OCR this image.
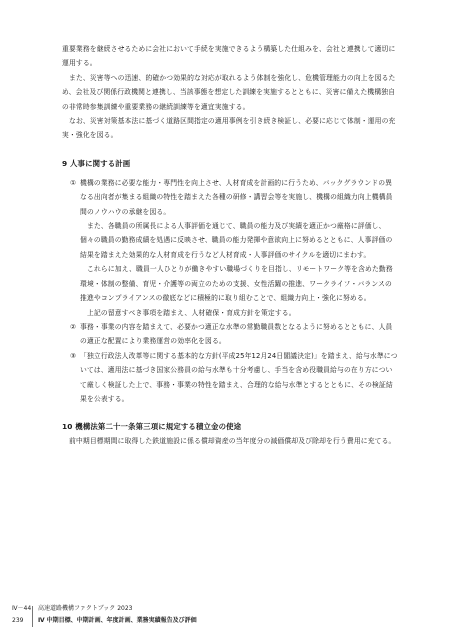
重要業務を継続させるために会社において手続を実施できるよう構築した仕組みを、会社と連携して適切に運用する。

また、災害等への迅速、的確かつ効果的な対応が取れるよう体制を強化し、危機管理能力の向上を図るため、会社及び関係行政機関と連携し、当該事態を想定した訓練を実施するとともに、災害に備えた機構独自の非常時参集訓練や重要業務の継続訓練等を適宜実施する。

なお、災害対策基本法に基づく道路区間指定の適用事例を引き続き検証し、必要に応じて体制・運用の充実・強化を図る。

9 人事に関する計画

① 機構の業務に必要な能力・専門性を向上させ、人材育成を計画的に行うため、バックグラウンドの異なる出向者が集まる組織の特性を踏まえた各種の研修・講習会等を実施し、機構の組織力向上機構員間のノウハウの承継を図る。

また、各職員の所属長による人事評価を通じて、職員の能力及び実績を適正かつ厳格に評価し、個々の職員の勤務成績を処遇に反映させ、職員の能力発揮や意欲向上に努めるとともに、人事評価の結果を踏まえた効果的な人材育成を行うなど人材育成・人事評価のサイクルを適切にまわす。

これらに加え、職員一人ひとりが働きやすい職場づくりを目指し、リモートワーク等を含めた勤務環境・体制の整備、育児・介護等の両立のための支援、女性活躍の推進、ワークライフ・バランスの推進やコンプライアンスの徹底などに積極的に取り組むことで、組織力向上・強化に努める。

上記の留意すべき事項を踏まえ、人材確保・育成方針を策定する。

② 事務・事業の内容を踏まえて、必要かつ適正な水準の常勤職員数となるように努めるとともに、人員の適正な配置により業務運営の効率化を図る。

③ 「独立行政法人改革等に関する基本的な方針(平成25年12月24日閣議決定)」を踏まえ、給与水準については、適用法に基づき国家公務員の給与水準も十分考慮し、手当を含め役職員給与の在り方について厳しく検証した上で、事務・事業の特性を踏まえ、合理的な給与水準とするとともに、その検証結果を公表する。

10 機構法第二十一条第三項に規定する積立金の使途

前中期目標期間に取得した鉄道施設に係る償却資産の当年度分の減価償却及び除却を行う費用に充てる。

Ⅳ－44
239
高速道路機構ファクトブック 2023
Ⅳ 中期目標、中期計画、年度計画、業務実績報告及び評価
